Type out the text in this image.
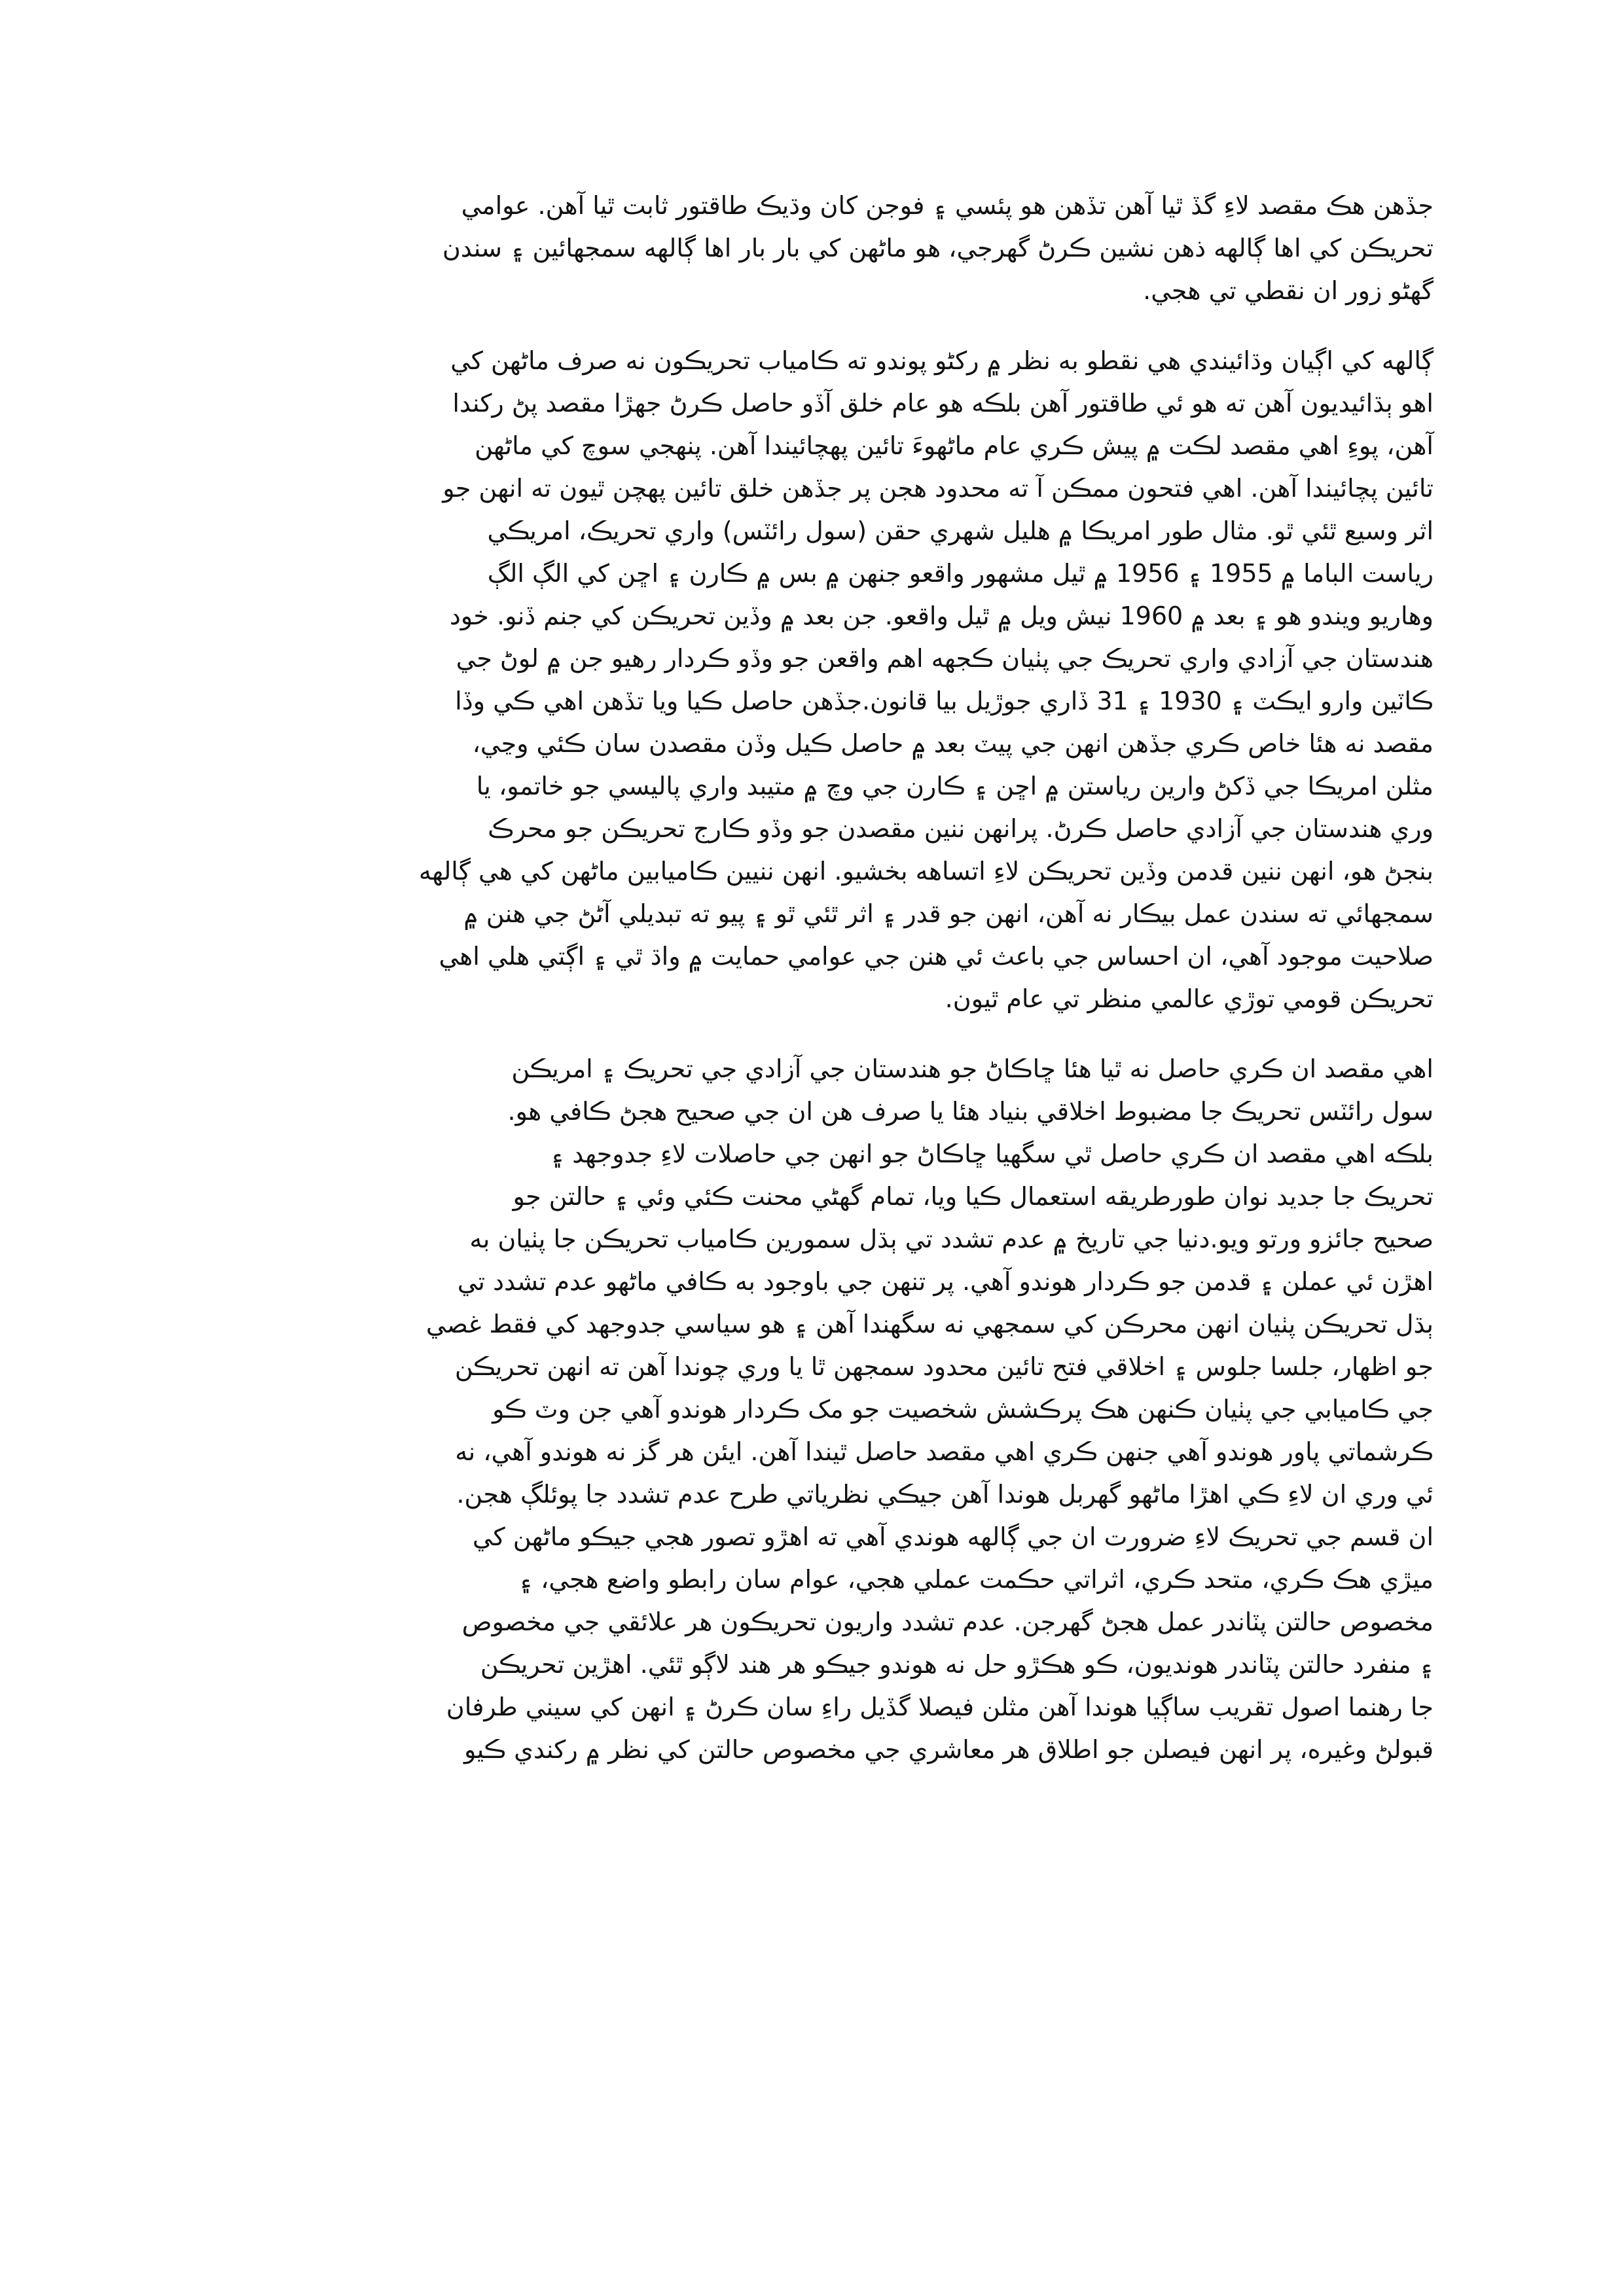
جڏهن هڪ مقصد لاءِ گڏ ٿيا آهن تڏهن هو پئسي ۽ فوجن کان وڌيڪ طاقتور ثابت ٿيا آهن. عوامي
تحريڪن کي اها ڳالهه ذهن نشين ڪرڻ گهرجي، هو ماڻهن کي بار بار اها ڳالهه سمجهائين ۽ سندن
گهڻو زور ان نقطي تي هجي.
ڳالهه کي اڳيان وڌائيندي هي نقطو به نظر ۾ رکڻو پوندو ته ڪامياب تحريڪون نه صرف ماڻهن کي
اهو ٻڌائيديون آهن ته هو ئي طاقتور آهن بلڪه هو عام خلق آڏو حاصل ڪرڻ جهڙا مقصد پڻ رکندا
آهن، پوءِ اهي مقصد لڪت ۾ پيش ڪري عام ماڻهوءَ تائين پهچائيندا آهن. پنهجي سوچ کي ماڻهن
تائين پچائيندا آهن. اهي فتحون ممڪن آ ته محدود هجن پر جڏهن خلق تائين پهچن ٿيون ته انهن جو
اثر وسيع ٿئي ٿو. مثال طور امريڪا ۾ هليل شهري حقن (سول رائٽس) واري تحريڪ، امريڪي
رياست الباما ۾ 1955 ۽ 1956 ۾ ٿيل مشهور واقعو جنهن ۾ بس ۾ ڪارن ۽ اڇن کي الڳ الڳ
وهاريو ويندو هو ۽ بعد ۾ 1960 نيش ويل ۾ ٿيل واقعو. جن بعد ۾ وڏين تحريڪن کي جنم ڏنو. خود
هندستان جي آزادي واري تحريڪ جي پٺيان ڪجهه اهم واقعن جو وڏو ڪردار رهيو جن ۾ لوڻ جي
ڪاٽين وارو ايڪٽ ۽ 1930 ۽ 31 ڏاري جوڙيل بيا قانون.جڏهن حاصل ڪيا ويا تڏهن اهي ڪي وڏا
مقصد نه هئا خاص ڪري جڏهن انهن جي پيٽ بعد ۾ حاصل ڪيل وڏن مقصدن سان ڪئي وڃي،
مثلن امريڪا جي ڏکڻ وارين رياستن ۾ اڇن ۽ ڪارن جي وچ ۾ متيبد واري پاليسي جو خاتمو، يا
وري هندستان جي آزادي حاصل ڪرڻ. پرانهن ننين مقصدن جو وڏو ڪارج تحريڪن جو محرڪ
بنجڻ هو، انهن ننين قدمن وڏين تحريڪن لاءِ اتساهه بخشيو. انهن ننيين ڪاميابين ماڻهن کي هي ڳالهه
سمجهائي ته سندن عمل بيڪار نه آهن، انهن جو قدر ۽ اثر ٿئي ٿو ۽ پيو ته تبديلي آڻڻ جي هنن ۾
صلاحيت موجود آهي، ان احساس جي باعث ئي هنن جي عوامي حمايت ۾ واڌ ٿي ۽ اڳتي هلي اهي
تحريڪن قومي توڙي عالمي منظر تي عام ٿيون.
اهي مقصد ان ڪري حاصل نه ٿيا هئا ڇاڪاڻ جو هندستان جي آزادي جي تحريڪ ۽ امريڪن
سول رائٽس تحريڪ جا مضبوط اخلاقي بنياد هئا يا صرف هن ان جي صحيح هجڻ ڪافي هو.
بلڪه اهي مقصد ان ڪري حاصل ٿي سگهيا ڇاڪاڻ جو انهن جي حاصلات لاءِ جدوجهد ۽
تحريڪ جا جديد نوان طورطريقه استعمال ڪيا ويا، تمام گهڻي محنت ڪئي وئي ۽ حالتن جو
صحيح جائزو ورتو ويو.دنيا جي تاريخ ۾ عدم تشدد تي ٻڌل سمورين ڪامياب تحريڪن جا پٺيان به
اهڙن ئي عملن ۽ قدمن جو ڪردار هوندو آهي. پر تنهن جي باوجود به ڪافي ماڻهو عدم تشدد تي
ٻڌل تحريڪن پٺيان انهن محرڪن کي سمجهي نه سگهندا آهن ۽ هو سياسي جدوجهد کي فقط غصي
جو اظهار، جلسا جلوس ۽ اخلاقي فتح تائين محدود سمجهن ٿا يا وري چوندا آهن ته انهن تحريڪن
جي ڪاميابي جي پٺيان ڪنهن هڪ پرڪشش شخصيت جو مک ڪردار هوندو آهي جن وٽ ڪو
ڪرشماتي پاور هوندو آهي جنهن ڪري اهي مقصد حاصل ٿيندا آهن. ايئن هر گز نه هوندو آهي، نه
ئي وري ان لاءِ ڪي اهڙا ماڻهو گهربل هوندا آهن جيڪي نظرياتي طرح عدم تشدد جا پوئلڳ هجن.
ان قسم جي تحريڪ لاءِ ضرورت ان جي ڳالهه هوندي آهي ته اهڙو تصور هجي جيڪو ماڻهن کي
ميڙي هڪ ڪري، متحد ڪري، اثراتي حڪمت عملي هجي، عوام سان رابطو واضع هجي، ۽
مخصوص حالتن پٽاندر عمل هجڻ گهرجن. عدم تشدد واريون تحريڪون هر علائقي جي مخصوص
۽ منفرد حالتن پٽاندر هونديون، ڪو هڪڙو حل نه هوندو جيڪو هر هند لاڳو ٿئي. اهڙين تحريڪن
جا رهنما اصول تقريب ساڳيا هوندا آهن مثلن فيصلا گڏيل راءِ سان ڪرڻ ۽ انهن کي سيني طرفان
قبولڻ وغيره، پر انهن فيصلن جو اطلاق هر معاشري جي مخصوص حالتن کي نظر ۾ رکندي ڪيو
